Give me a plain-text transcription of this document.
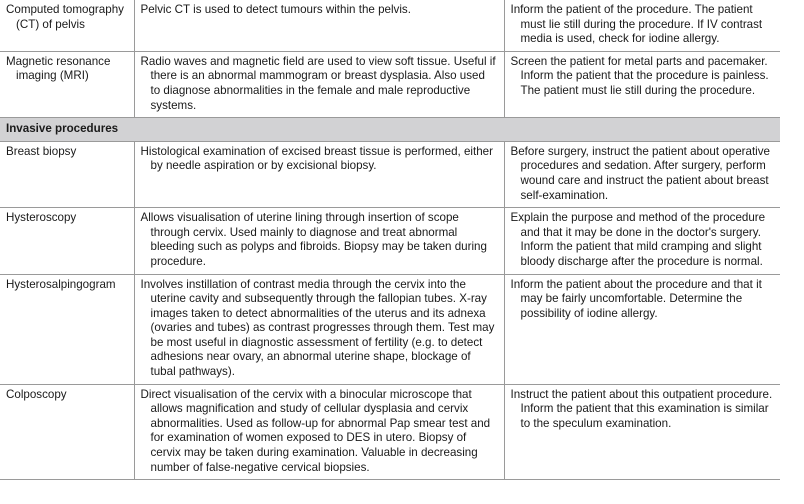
Computed tomography (CT) of pelvis	Pelvic CT is used to detect tumours within the pelvis.	Inform the patient of the procedure. The patient must lie still during the procedure. If IV contrast media is used, check for iodine allergy.

Magnetic resonance imaging (MRI)	Radio waves and magnetic field are used to view soft tissue. Useful if there is an abnormal mammogram or breast dysplasia. Also used to diagnose abnormalities in the female and male reproductive systems.	Screen the patient for metal parts and pacemaker. Inform the patient that the procedure is painless. The patient must lie still during the procedure.

Invasive procedures		

Breast biopsy	Histological examination of excised breast tissue is performed, either by needle aspiration or by excisional biopsy.	Before surgery, instruct the patient about operative procedures and sedation. After surgery, perform wound care and instruct the patient about breast self-examination.

Hysteroscopy	Allows visualisation of uterine lining through insertion of scope through cervix. Used mainly to diagnose and treat abnormal bleeding such as polyps and fibroids. Biopsy may be taken during procedure.	Explain the purpose and method of the procedure and that it may be done in the doctor's surgery. Inform the patient that mild cramping and slight bloody discharge after the procedure is normal.

Hysterosalpingogram	Involves instillation of contrast media through the cervix into the uterine cavity and subsequently through the fallopian tubes. X-ray images taken to detect abnormalities of the uterus and its adnexa (ovaries and tubes) as contrast progresses through them. Test may be most useful in diagnostic assessment of fertility (e.g. to detect adhesions near ovary, an abnormal uterine shape, blockage of tubal pathways).	Inform the patient about the procedure and that it may be fairly uncomfortable. Determine the possibility of iodine allergy.

Colposcopy	Direct visualisation of the cervix with a binocular microscope that allows magnification and study of cellular dysplasia and cervix abnormalities. Used as follow-up for abnormal Pap smear test and for examination of women exposed to DES in utero. Biopsy of cervix may be taken during examination. Valuable in decreasing number of false-negative cervical biopsies.	Instruct the patient about this outpatient procedure. Inform the patient that this examination is similar to the speculum examination.
